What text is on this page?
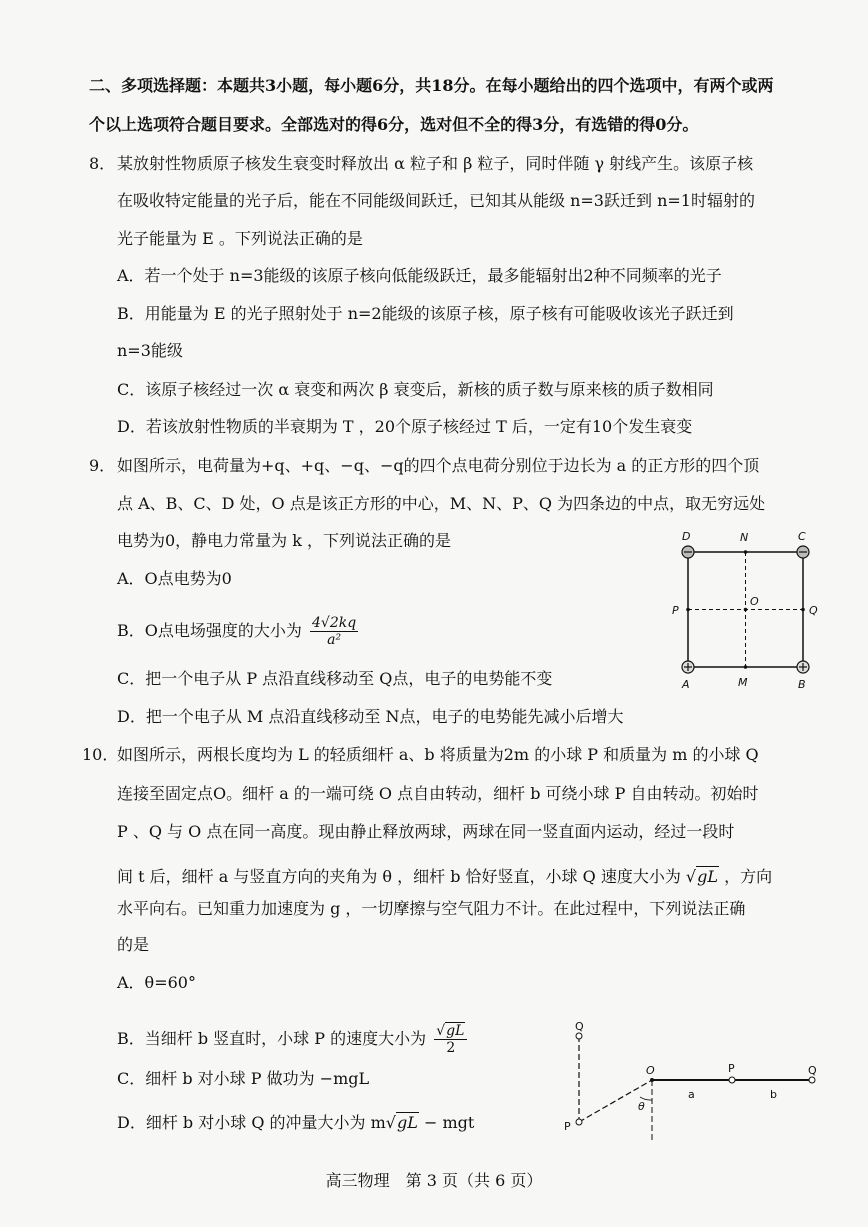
二、多项选择题：本题共3小题，每小题6分，共18分。在每小题给出的四个选项中，有两个或两
个以上选项符合题目要求。全部选对的得6分，选对但不全的得3分，有选错的得0分。
8． 某放射性物质原子核发生衰变时释放出 α 粒子和 β 粒子，同时伴随 γ 射线产生。该原子核
在吸收特定能量的光子后，能在不同能级间跃迁，已知其从能级 n=3跃迁到 n=1时辐射的
光子能量为 E 。下列说法正确的是
A．若一个处于 n=3能级的该原子核向低能级跃迁，最多能辐射出2种不同频率的光子
B．用能量为 E 的光子照射处于 n=2能级的该原子核，原子核有可能吸收该光子跃迁到
n=3能级
C．该原子核经过一次 α 衰变和两次 β 衰变后，新核的质子数与原来核的质子数相同
D．若该放射性物质的半衰期为 T ，20个原子核经过 T 后，一定有10个发生衰变
9． 如图所示，电荷量为+q、+q、−q、−q的四个点电荷分别位于边长为 a 的正方形的四个顶
点 A、B、C、D 处，O 点是该正方形的中心，M、N、P、Q 为四条边的中点，取无穷远处
电势为0，静电力常量为 k ，下列说法正确的是
A．O点电势为0
B．O点电场强度的大小为 $\frac{4√2kq}{\text{a²}}$
C．把一个电子从 P 点沿直线移动至 Q点，电子的电势能不变
D．把一个电子从 M 点沿直线移动至 N点，电子的电势能先减小后增大
D	N	C
P
O
Q
A	M	B
10．
如图所示，两根长度均为 L 的轻质细杆 a、b 将质量为2m 的小球 P 和质量为 m 的小球 Q
连接至固定点O。细杆 a 的一端可绕 O 点自由转动，细杆 b 可绕小球 P 自由转动。初始时
P 、Q 与 O 点在同一高度。现由静止释放两球，两球在同一竖直面内运动，经过一段时
间 t 后，细杆 a 与竖直方向的夹角为 θ ，细杆 b 恰好竖直，小球 Q 速度大小为 √gL ，方向
水平向右。已知重力加速度为 g ，一切摩擦与空气阻力不计。在此过程中，下列说法正确
的是
A．θ=60°
B．当细杆 b 竖直时，小球 P 的速度大小为 $\frac{√gL}{2}$
C．细杆 b 对小球 P 做功为 −mgL
D．细杆 b 对小球 Q 的冲量大小为 m√gL − mgt
Q
P
O	P	Q
a	b
θ
高三物理　第 3 页（共 6 页）
